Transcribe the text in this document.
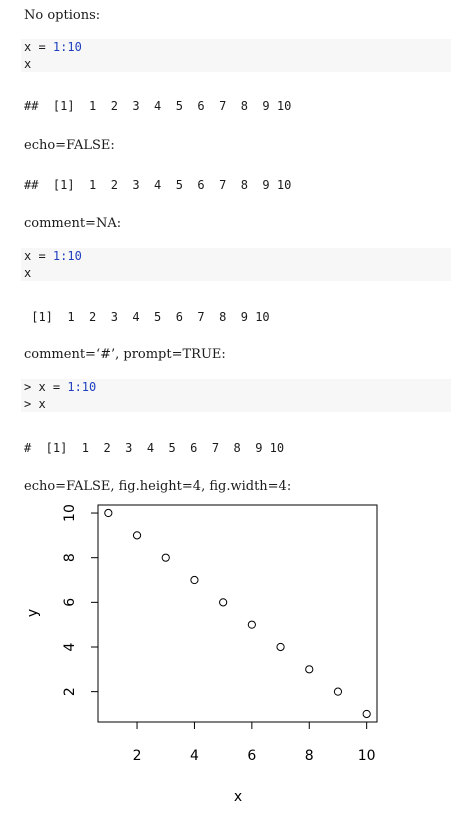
No options:
x = 1:10
x
##  [1]  1  2  3  4  5  6  7  8  9 10
echo=FALSE:
##  [1]  1  2  3  4  5  6  7  8  9 10
comment=NA:
x = 1:10
x
[1]  1  2  3  4  5  6  7  8  9 10
comment=‘#’, prompt=TRUE:
> x = 1:10
> x
#  [1]  1  2  3  4  5  6  7  8  9 10
echo=FALSE, fig.height=4, fig.width=4:
2	4	6	8	10
2
4
6
8
10
x
y
